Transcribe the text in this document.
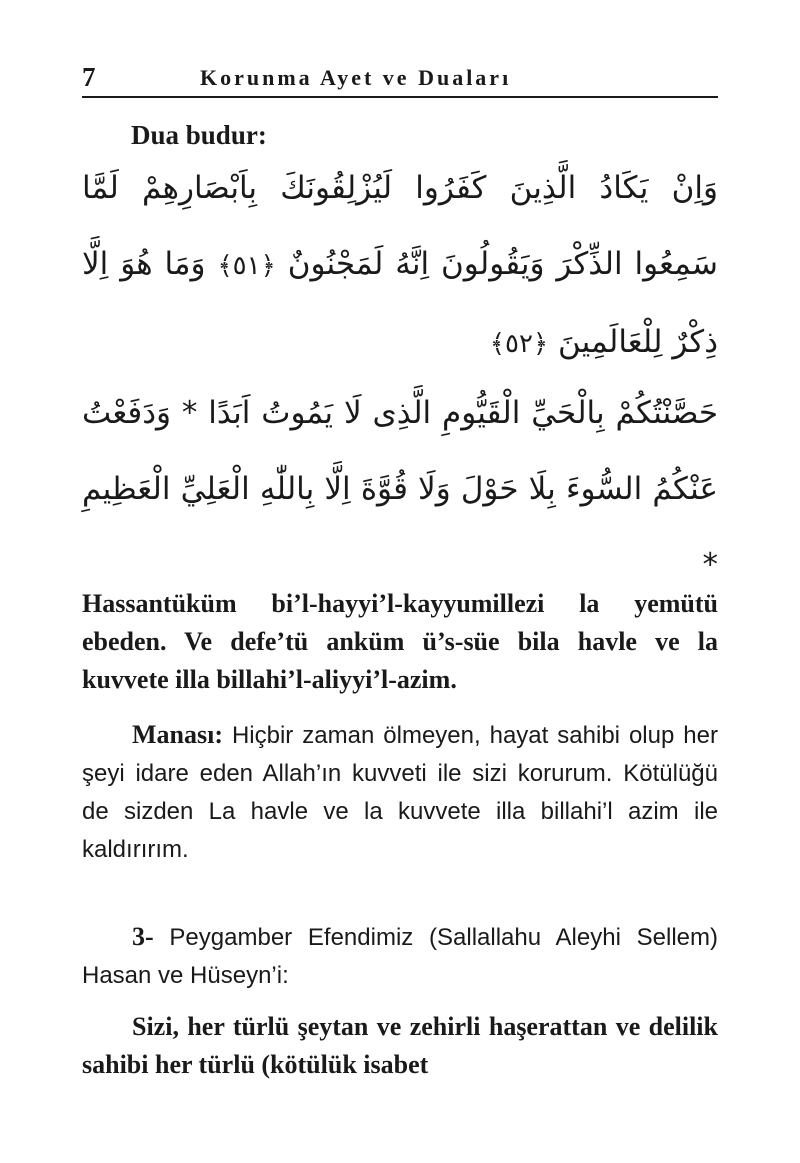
7	Korunma Ayet ve Duaları
Dua budur:

وَاِنْ يَكَادُ الَّذِينَ كَفَرُوا لَيُزْلِقُونَكَ بِاَبْصَارِهِمْ لَمَّا سَمِعُوا الذِّكْرَ وَيَقُولُونَ اِنَّهُ لَمَجْنُونٌ ﴿٥١﴾ وَمَا هُوَ اِلَّا ذِكْرٌ لِلْعَالَمِينَ ﴿٥٢﴾

حَصَّنْتُكُمْ بِالْحَيِّ الْقَيُّومِ الَّذِى لَا يَمُوتُ اَبَدًا * وَدَفَعْتُ عَنْكُمُ السُّوءَ بِلَا حَوْلَ وَلَا قُوَّةَ اِلَّا بِاللّٰهِ الْعَلِيِّ الْعَظِيمِ *

Hassantüküm bi’l-hayyi’l-kayyumillezi la yemütü ebeden. Ve defe’tü anküm ü’s-süe bila havle ve la kuvvete illa billahi’l-aliyyi’l-azim.

Manası: Hiçbir zaman ölmeyen, hayat sahibi olup her şeyi idare eden Allah’ın kuvveti ile sizi korurum. Kötülüğü de sizden La havle ve la kuvvete illa billahi’l azim ile kaldırırım.

3- Peygamber Efendimiz (Sallallahu Aleyhi Sellem) Hasan ve Hüseyn’i:

Sizi, her türlü şeytan ve zehirli haşerattan ve delilik sahibi her türlü (kötülük isabet
